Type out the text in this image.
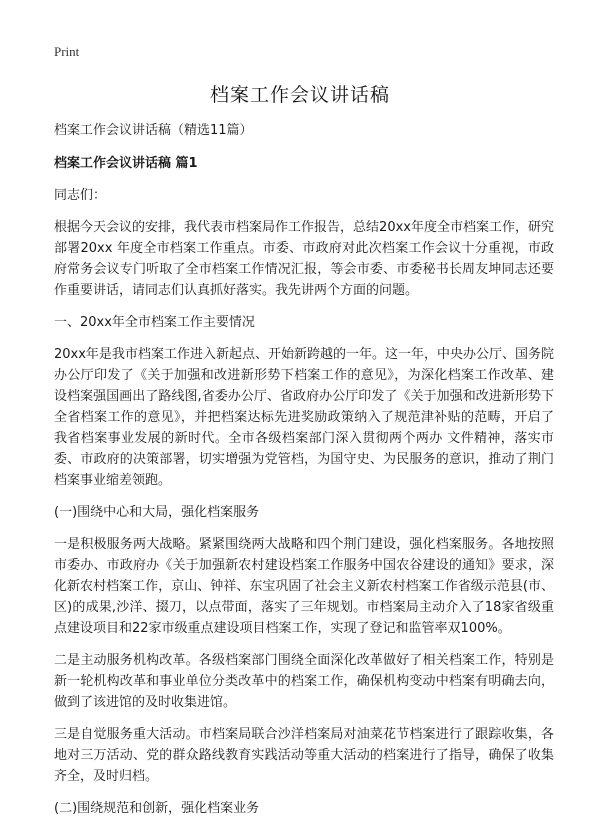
Print
档案工作会议讲话稿

档案工作会议讲话稿（精选11篇）

档案工作会议讲话稿 篇1

同志们：

根据今天会议的安排，我代表市档案局作工作报告，总结20xx年度全市档案工作，研究部署20xx 年度全市档案工作重点。市委、市政府对此次档案工作会议十分重视，市政府常务会议专门听取了全市档案工作情况汇报，等会市委、市委秘书长周友坤同志还要作重要讲话，请同志们认真抓好落实。我先讲两个方面的问题。

一、20xx年全市档案工作主要情况

20xx年是我市档案工作进入新起点、开始新跨越的一年。这一年，中央办公厅、国务院办公厅印发了《关于加强和改进新形势下档案工作的意见》，为深化档案工作改革、建设档案强国画出了路线图,省委办公厅、省政府办公厅印发了《关于加强和改进新形势下全省档案工作的意见》，并把档案达标先进奖励政策纳入了规范津补贴的范畴，开启了我省档案事业发展的新时代。全市各级档案部门深入贯彻两个两办 文件精神，落实市委、市政府的决策部署，切实增强为党管档，为国守史、为民服务的意识，推动了荆门档案事业缩差领跑。

(一)围绕中心和大局，强化档案服务

一是积极服务两大战略。紧紧围绕两大战略和四个荆门建设，强化档案服务。各地按照市委办、市政府办《关于加强新农村建设档案工作服务中国农谷建设的通知》要求，深化新农村档案工作，京山、钟祥、东宝巩固了社会主义新农村档案工作省级示范县(市、区)的成果,沙洋、掇刀，以点带面，落实了三年规划。市档案局主动介入了18家省级重点建设项目和22家市级重点建设项目档案工作，实现了登记和监管率双100%。

二是主动服务机构改革。各级档案部门围绕全面深化改革做好了相关档案工作，特别是新一轮机构改革和事业单位分类改革中的档案工作，确保机构变动中档案有明确去向，做到了该进馆的及时收集进馆。

三是自觉服务重大活动。市档案局联合沙洋档案局对油菜花节档案进行了跟踪收集，各地对三万活动、党的群众路线教育实践活动等重大活动的档案进行了指导，确保了收集齐全，及时归档。

(二)围绕规范和创新，强化档案业务
